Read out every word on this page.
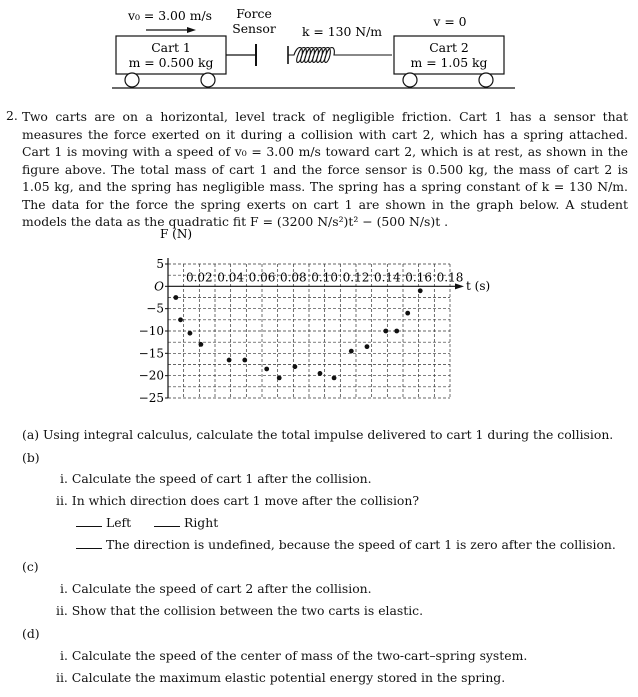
v₀ = 3.00 m/s Force
Sensor
Cart 1
m = 0.500 kg
k = 130 N/m
v = 0
Cart 2
m = 1.05 kg
2. Two carts are on a horizontal, level track of negligible friction. Cart 1 has a sensor that measures the force exerted on it during a collision with cart 2, which has a spring attached. Cart 1 is moving with a speed of v₀ = 3.00 m/s toward cart 2, which is at rest, as shown in the figure above. The total mass of cart 1 and the force sensor is 0.500 kg, the mass of cart 2 is 1.05 kg, and the spring has negligible mass. The spring has a spring constant of k = 130 N/m. The data for the force the spring exerts on cart 1 are shown in the graph below. A student models the data as the quadratic fit F = (3200 N/s²)t² − (500 N/s)t .
F (N)
0.02 0.04 0.06 0.08 0.10 0.12 0.14 0.16 0.18
5
O
−5
−10
−15
−20
−25
t (s)
(a) Using integral calculus, calculate the total impulse delivered to cart 1 during the collision.
(b)
i. Calculate the speed of cart 1 after the collision.
ii. In which direction does cart 1 move after the collision?
Left	Right
The direction is undefined, because the speed of cart 1 is zero after the collision.
(c)
i. Calculate the speed of cart 2 after the collision.
ii. Show that the collision between the two carts is elastic.
(d)
i. Calculate the speed of the center of mass of the two-cart–spring system.
ii. Calculate the maximum elastic potential energy stored in the spring.
